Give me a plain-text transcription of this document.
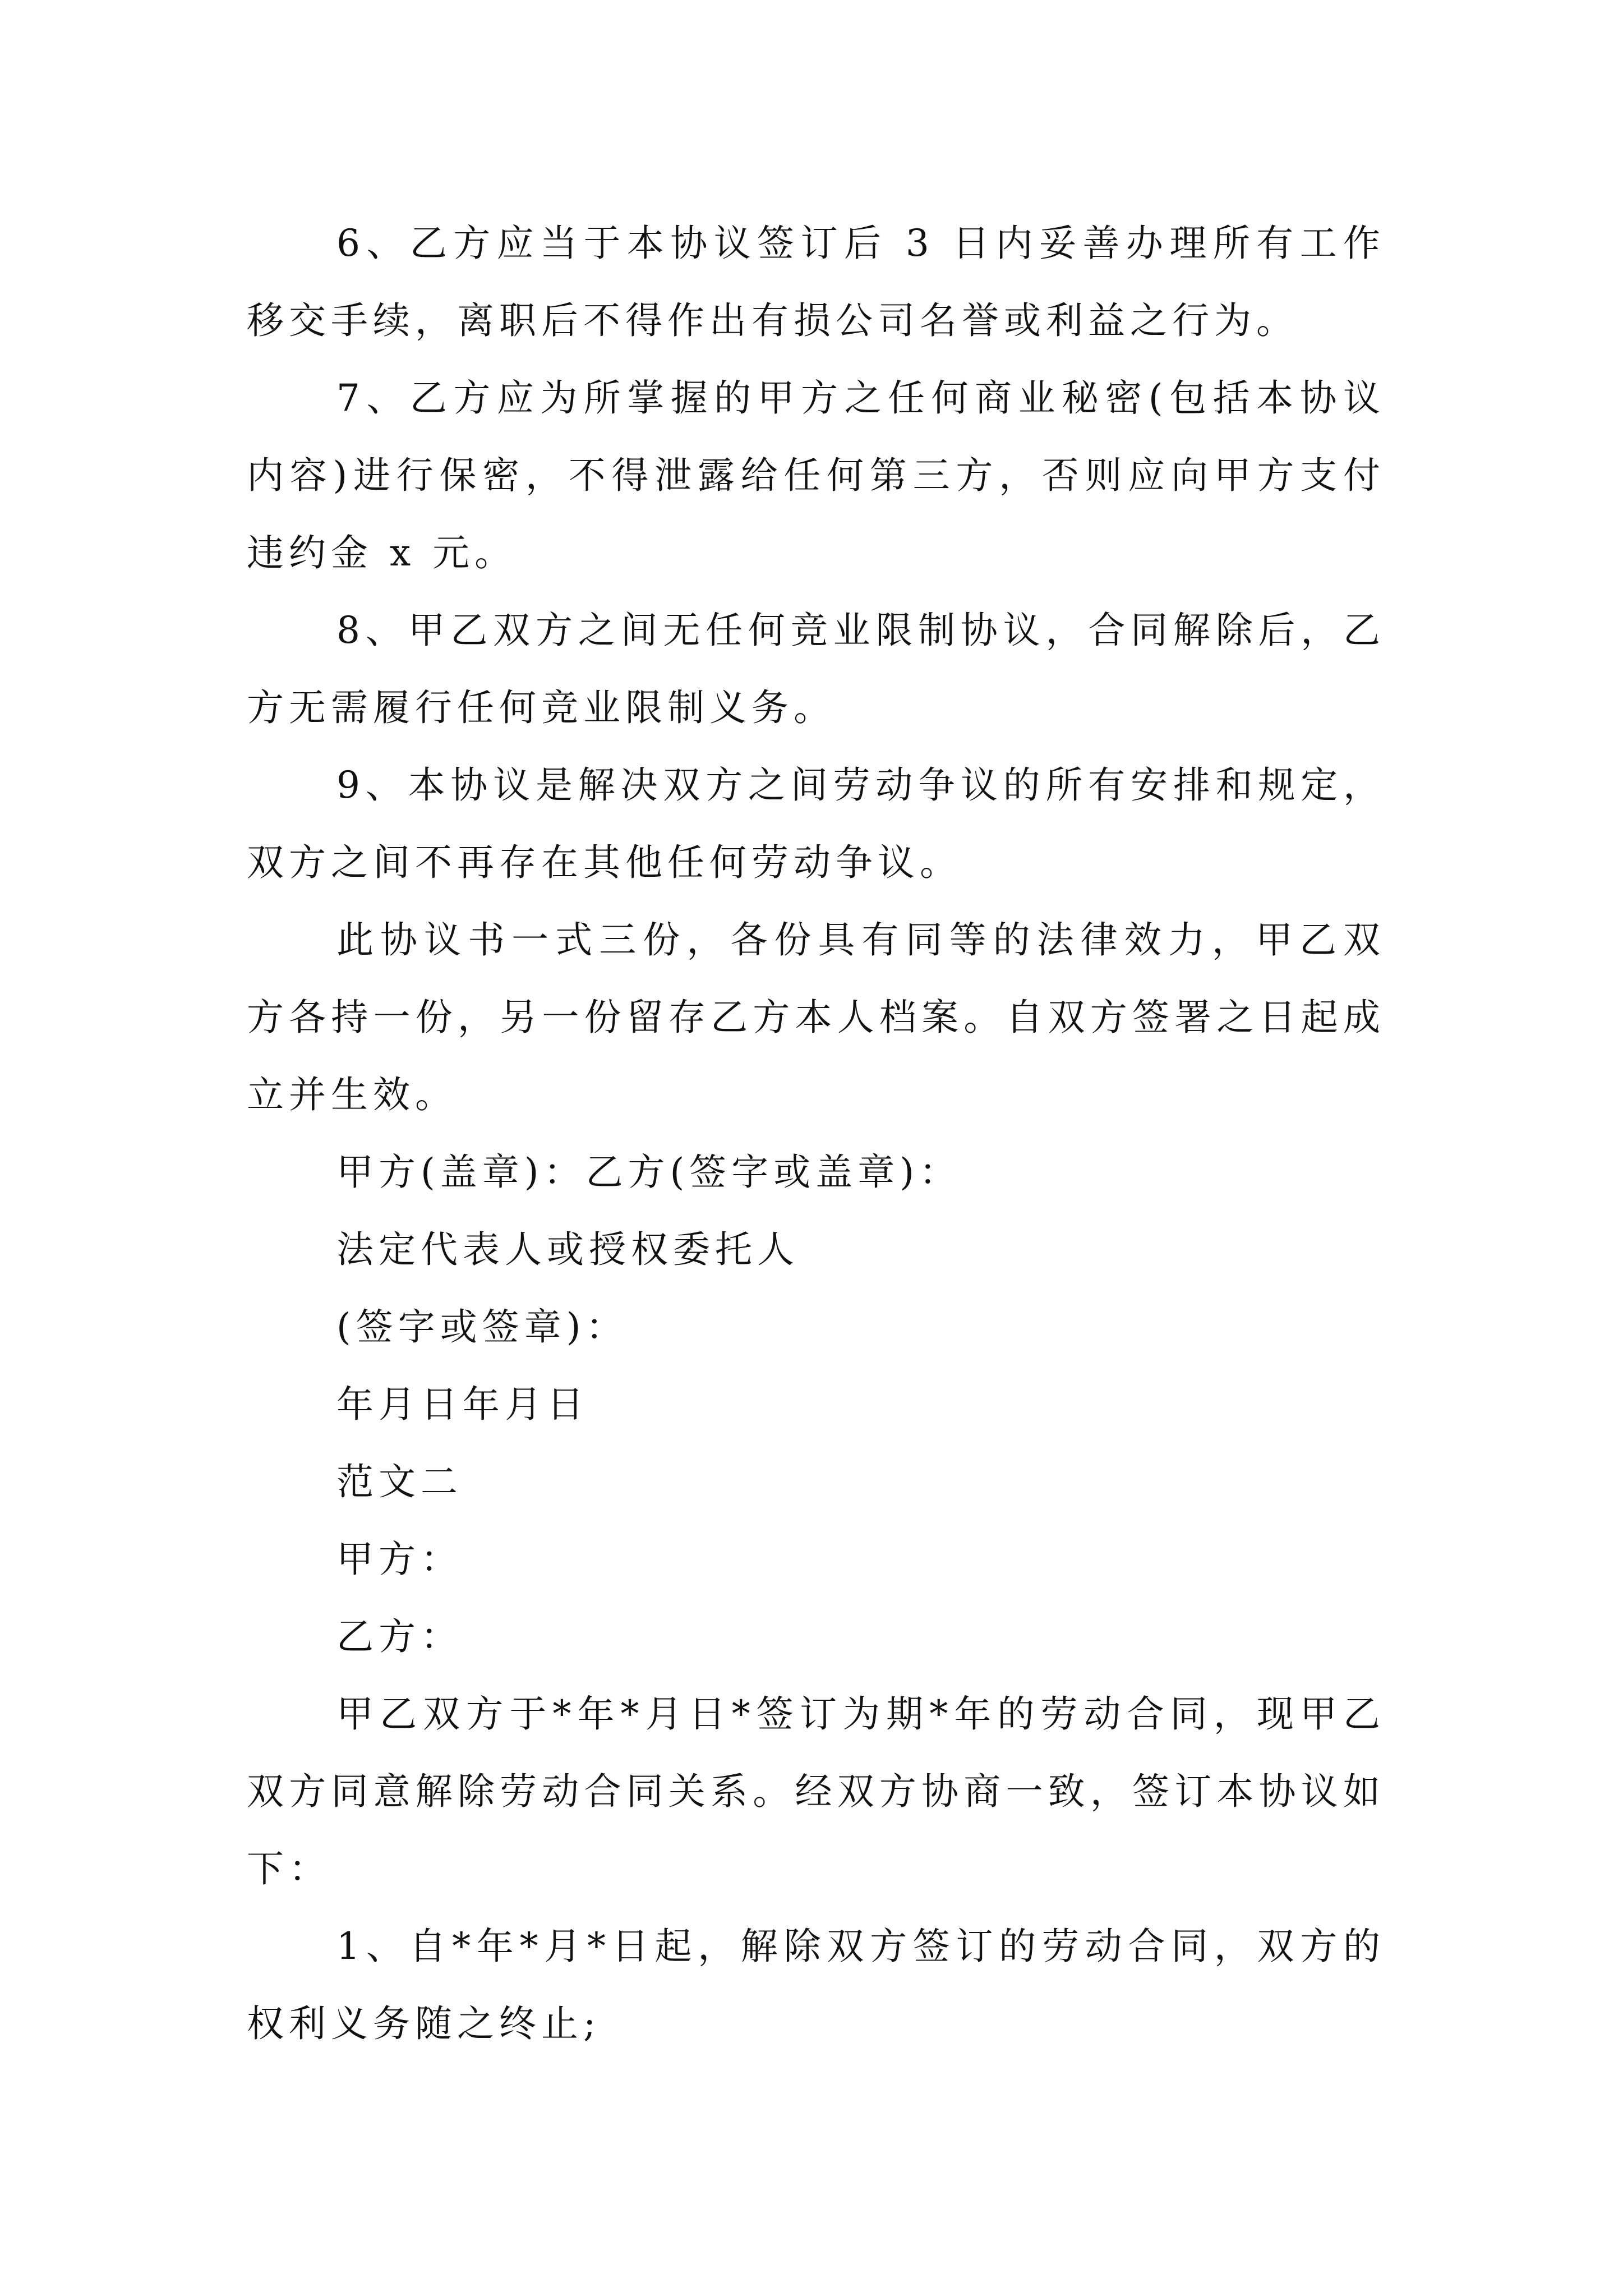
6、乙方应当于本协议签订后 3 日内妥善办理所有工作移交手续，离职后不得作出有损公司名誉或利益之行为。

7、乙方应为所掌握的甲方之任何商业秘密(包括本协议内容)进行保密，不得泄露给任何第三方，否则应向甲方支付违约金 x 元。

8、甲乙双方之间无任何竞业限制协议，合同解除后，乙方无需履行任何竞业限制义务。

9、本协议是解决双方之间劳动争议的所有安排和规定，双方之间不再存在其他任何劳动争议。

此协议书一式三份，各份具有同等的法律效力，甲乙双方各持一份，另一份留存乙方本人档案。自双方签署之日起成立并生效。

甲方(盖章)：乙方(签字或盖章)：

法定代表人或授权委托人

(签字或签章)：

年月日年月日

范文二

甲方：

乙方：

甲乙双方于*年*月日*签订为期*年的劳动合同，现甲乙双方同意解除劳动合同关系。经双方协商一致，签订本协议如下：

1、自*年*月*日起，解除双方签订的劳动合同，双方的权利义务随之终止;
